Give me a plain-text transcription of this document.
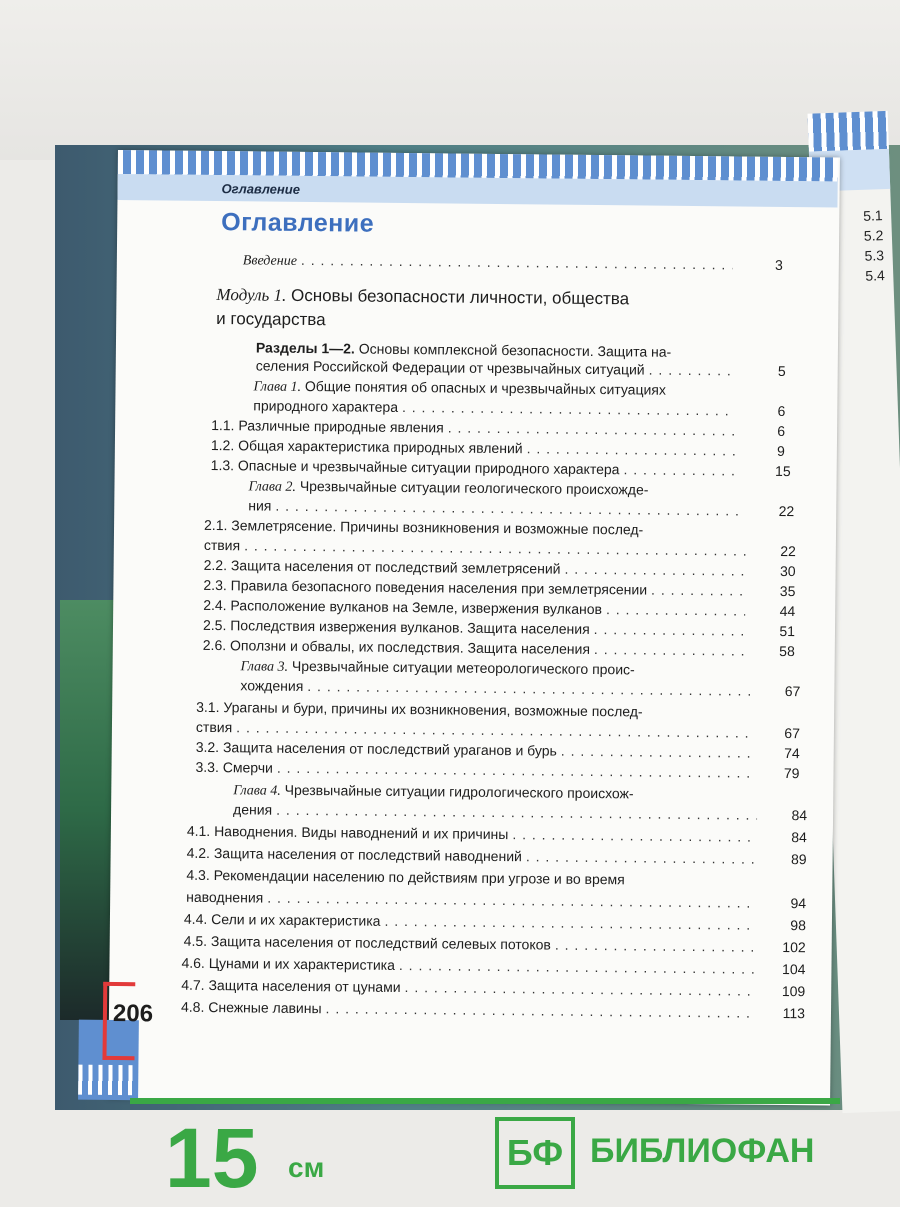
5.1
5.2
5.3
5.4
Оглавление
Оглавление
Введение . . .	3
Модуль 1. Основы безопасности личности, общества
и государства
Разделы 1—2. Основы комплексной безопасности. Защита на-
селения Российской Федерации от чрезвычайных ситуаций . . .	5
Глава 1. Общие понятия об опасных и чрезвычайных ситуациях
природного характера . . .	6
1.1.
Различные природные явления . . .	6
1.2.
Общая характеристика природных явлений . . .	9
1.3.
Опасные и чрезвычайные ситуации природного характера . . .	15
Глава 2. Чрезвычайные ситуации геологического происхожде-
ния . . .	22
2.1. Землетрясение. Причины возникновения и возможные послед-
ствия . . .	22
2.2.
Защита населения от последствий землетрясений . . .	30
2.3.
Правила безопасного поведения населения при землетрясении . . .	35
2.4.
Расположение вулканов на Земле, извержения вулканов . . .	44
2.5.
Последствия извержения вулканов. Защита населения . . .	51
2.6.
Оползни и обвалы, их последствия. Защита населения . . .	58
Глава 3. Чрезвычайные ситуации метеорологического проис-
хождения . . .	67
3.1. Ураганы и бури, причины их возникновения, возможные послед-
ствия . . .	67
3.2.
Защита населения от последствий ураганов и бурь . . .	74
3.3.
Смерчи . . .	79
Глава 4. Чрезвычайные ситуации гидрологического происхож-
дения . . .	84
4.1.
Наводнения. Виды наводнений и их причины . . .	84
4.2.
Защита населения от последствий наводнений . . .	89
4.3. Рекомендации населению по действиям при угрозе и во время
наводнения . . .	94
4.4.
Сели и их характеристика . . .	98
4.5.
Защита населения от последствий селевых потоков . . .	102
4.6.
Цунами и их характеристика . . .	104
4.7.
Защита населения от цунами . . .	109
4.8.
Снежные лавины . . .	113
206
15 см	БФ БИБЛИОФАН
